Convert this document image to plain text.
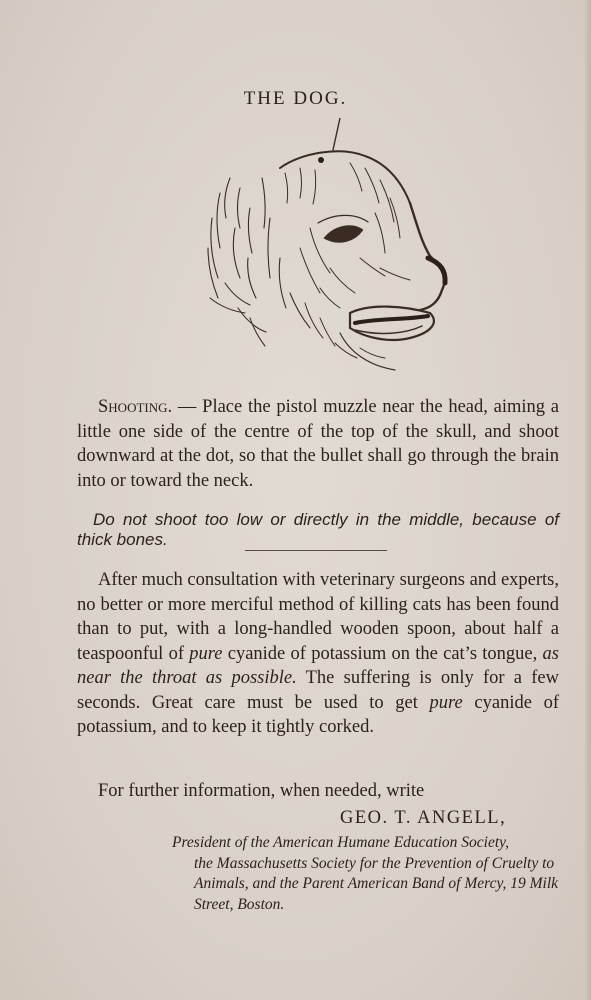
THE DOG.
Shooting. — Place the pistol muzzle near the head, aiming a little one side of the centre of the top of the skull, and shoot downward at the dot, so that the bullet shall go through the brain into or toward the neck.
Do not shoot too low or directly in the middle, because of thick bones.
After much consultation with veterinary surgeons and experts, no better or more merciful method of killing cats has been found than to put, with a long-handled wooden spoon, about half a teaspoonful of pure cyanide of potassium on the cat’s tongue, as near the throat as possible. The suffering is only for a few seconds. Great care must be used to get pure cyanide of potassium, and to keep it tightly corked.
For further information, when needed, write
GEO. T. ANGELL,
President of the American Humane Education Society,
the Massachusetts Society for the Prevention of Cruelty to Animals, and the Parent American Band of Mercy, 19 Milk Street, Boston.
